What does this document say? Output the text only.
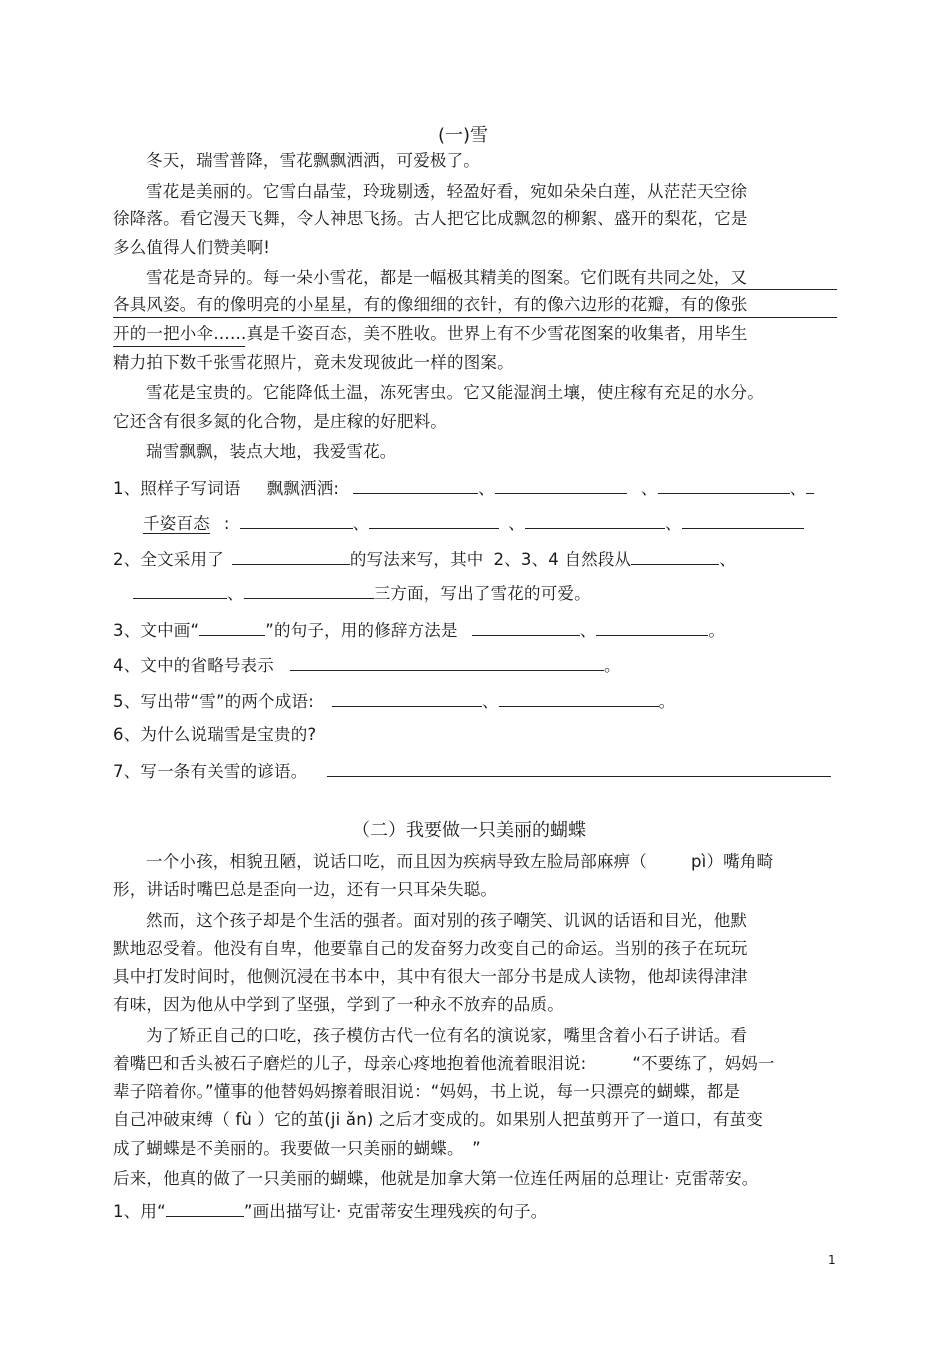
(一)雪
冬天，瑞雪普降，雪花飘飘洒洒，可爱极了。
雪花是美丽的。它雪白晶莹，玲珑剔透，轻盈好看，宛如朵朵白莲，从茫茫天空徐
徐降落。看它漫天飞舞，令人神思飞扬。古人把它比成飘忽的柳絮、盛开的梨花，它是
多么值得人们赞美啊!
雪花是奇异的。每一朵小雪花，都是一幅极其精美的图案。它们既有共同之处，又
各具风姿。有的像明亮的小星星，有的像细细的衣针，有的像六边形的花瓣，有的像张
开的一把小伞……真是千姿百态，美不胜收。世界上有不少雪花图案的收集者，用毕生
精力拍下数千张雪花照片，竟未发现彼此一样的图案。
雪花是宝贵的。它能降低土温，冻死害虫。它又能湿润土壤，使庄稼有充足的水分。
它还含有很多氮的化合物，是庄稼的好肥料。
瑞雪飘飘，装点大地，我爱雪花。
1、照样子写词语 飘飘洒洒:	、	、	、
千姿百态 :	、	、	、
2、全文采用了	的写法来写，其中 2、3、4 自然段从	、
、	三方面，写出了雪花的可爱。
3、文中画“	”的句子，用的修辞方法是	、	。
4、文中的省略号表示	。
5、写出带“雪”的两个成语:	、	。
6、为什么说瑞雪是宝贵的?
7、写一条有关雪的谚语。
（二）我要做一只美丽的蝴蝶
一个小孩，相貌丑陋，说话口吃，而且因为疾病导致左脸局部麻痹（	pì）嘴角畸
形，讲话时嘴巴总是歪向一边，还有一只耳朵失聪。
然而，这个孩子却是个生活的强者。面对别的孩子嘲笑、讥讽的话语和目光，他默
默地忍受着。他没有自卑，他要靠自己的发奋努力改变自己的命运。当别的孩子在玩玩
具中打发时间时，他侧沉浸在书本中，其中有很大一部分书是成人读物，他却读得津津
有味，因为他从中学到了坚强，学到了一种永不放弃的品质。
为了矫正自己的口吃，孩子模仿古代一位有名的演说家，嘴里含着小石子讲话。看
着嘴巴和舌头被石子磨烂的儿子，母亲心疼地抱着他流着眼泪说:	“不要练了，妈妈一
辈子陪着你。”懂事的他替妈妈擦着眼泪说：“妈妈，书上说，每一只漂亮的蝴蝶，都是
自己冲破束缚（ fù ）它的茧(ji ǎn) 之后才变成的。如果别人把茧剪开了一道口，有茧变
成了蝴蝶是不美丽的。我要做一只美丽的蝴蝶。　”
后来，他真的做了一只美丽的蝴蝶，他就是加拿大第一位连任两届的总理让· 克雷蒂安。
1、用“	”画出描写让· 克雷蒂安生理残疾的句子。
1
